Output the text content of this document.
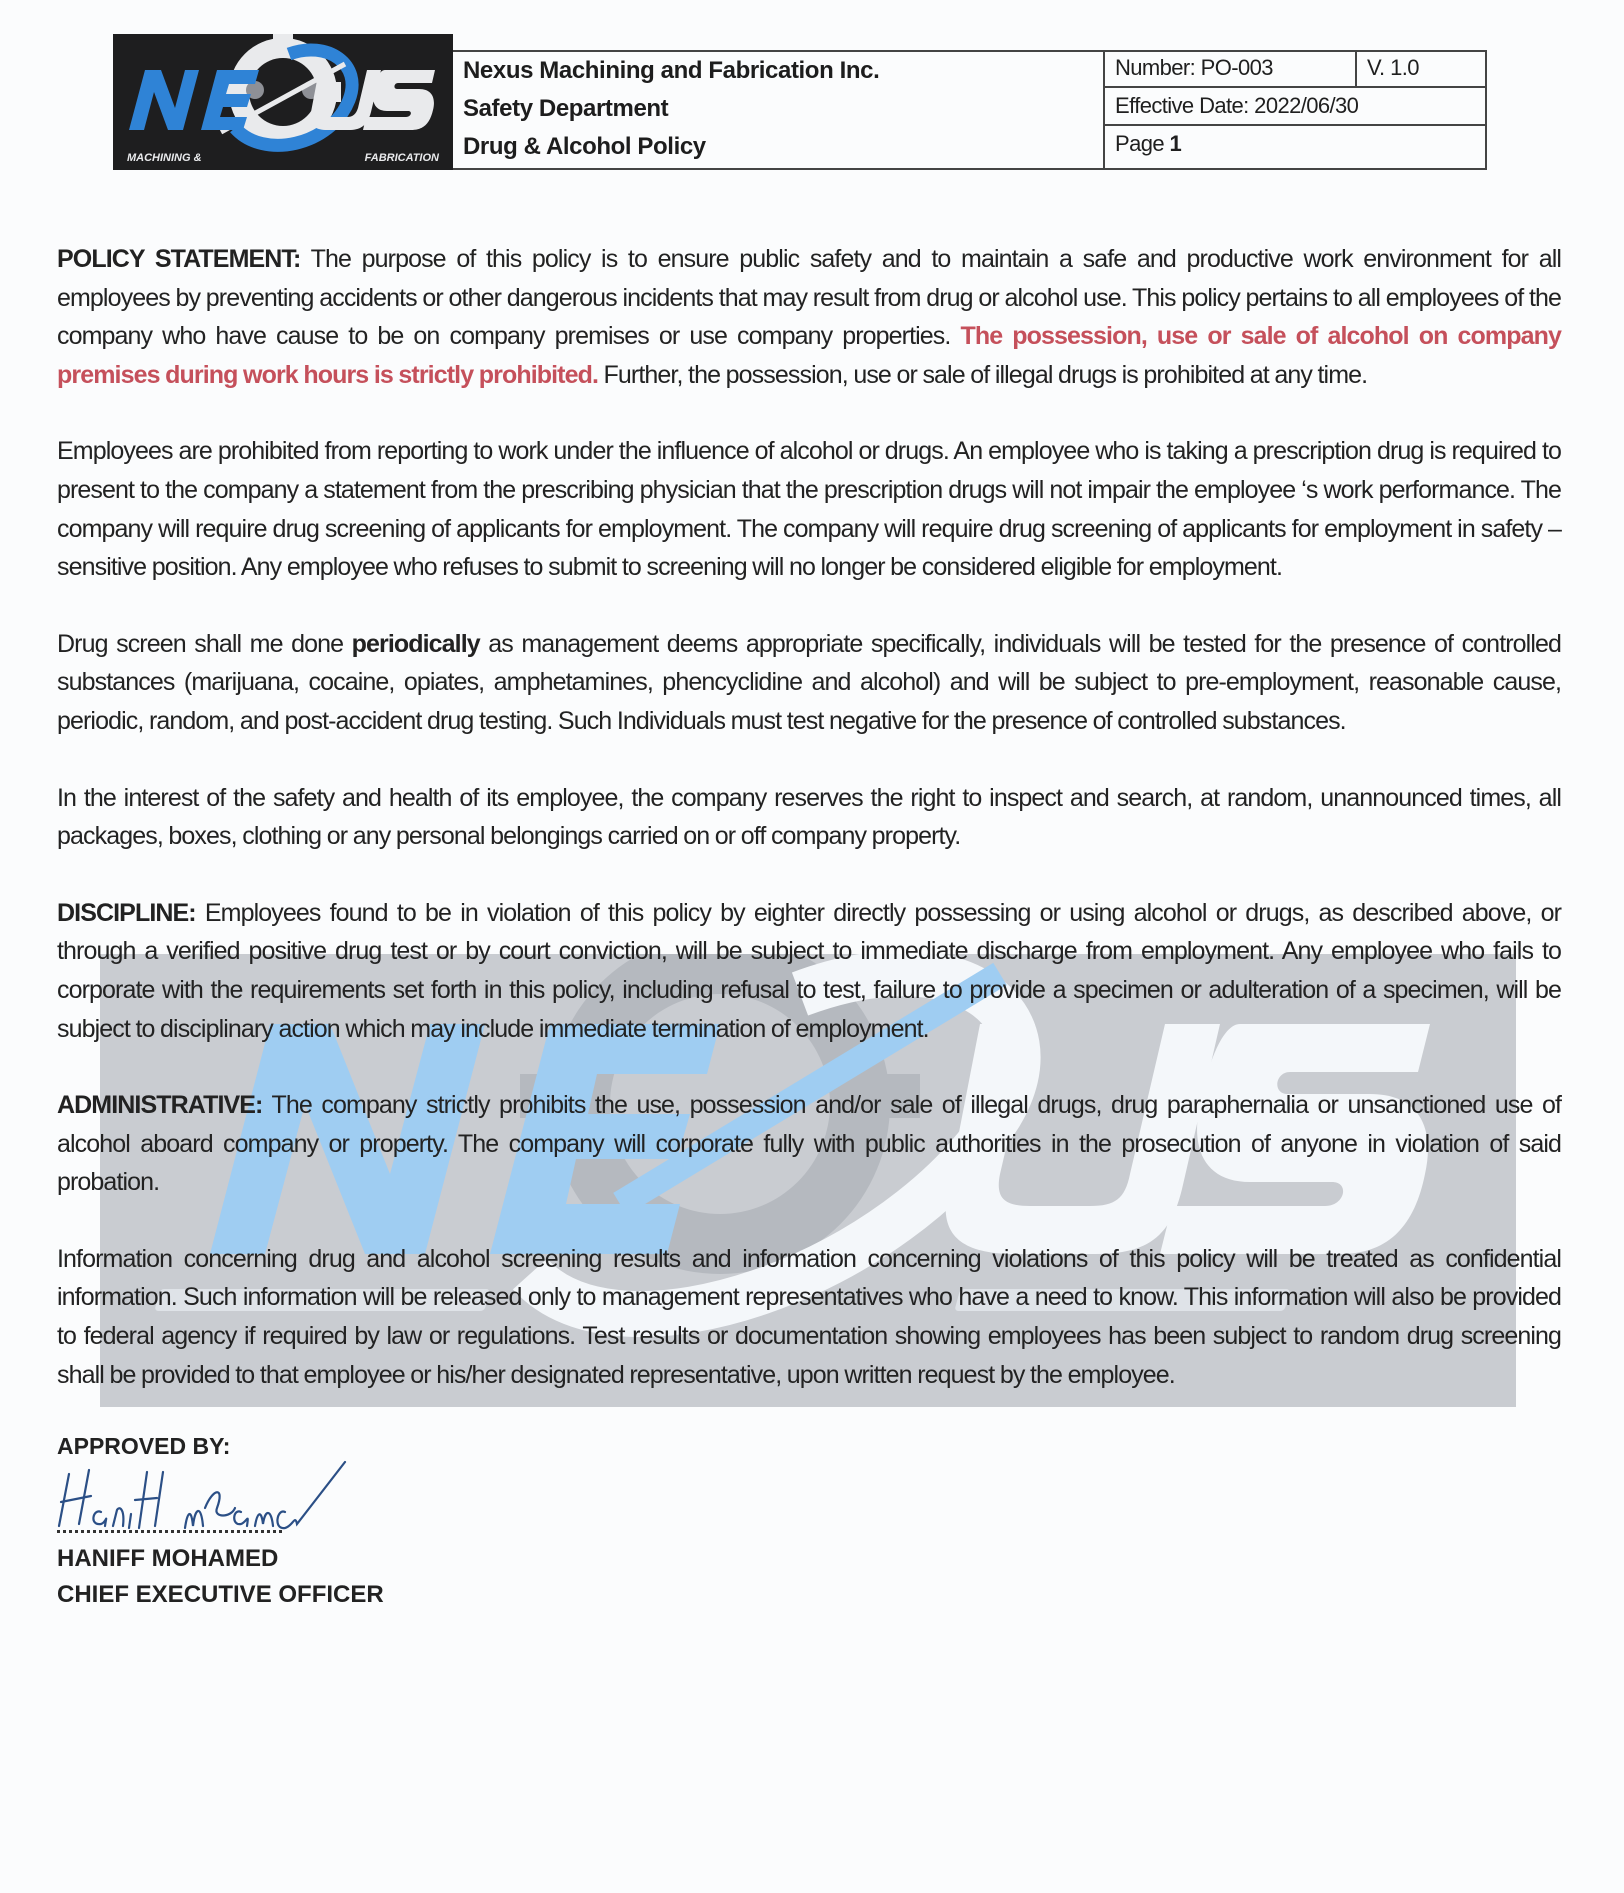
MACHINING &	FABRICATION
Nexus Machining and Fabrication Inc.
Safety Department
Drug & Alcohol Policy
Number: PO-003	V. 1.0
Effective Date: 2022/06/30
Page 1

POLICY STATEMENT: The purpose of this policy is to ensure public safety and to maintain a safe and productive work environment for all employees by preventing accidents or other dangerous incidents that may result from drug or alcohol use. This policy pertains to all employees of the company who have cause to be on company premises or use company properties. The possession, use or sale of alcohol on company premises during work hours is strictly prohibited. Further, the possession, use or sale of illegal drugs is prohibited at any time.

Employees are prohibited from reporting to work under the influence of alcohol or drugs. An employee who is taking a prescription drug is required to present to the company a statement from the prescribing physician that the prescription drugs will not impair the employee ‘s work performance. The company will require drug screening of applicants for employment. The company will require drug screening of applicants for employment in safety – sensitive position. Any employee who refuses to submit to screening will no longer be considered eligible for employment.

Drug screen shall me done periodically as management deems appropriate specifically, individuals will be tested for the presence of controlled substances (marijuana, cocaine, opiates, amphetamines, phencyclidine and alcohol) and will be subject to pre-employment, reasonable cause, periodic, random, and post-accident drug testing. Such Individuals must test negative for the presence of controlled substances.

In the interest of the safety and health of its employee, the company reserves the right to inspect and search, at random, unannounced times, all packages, boxes, clothing or any personal belongings carried on or off company property.

DISCIPLINE: Employees found to be in violation of this policy by eighter directly possessing or using alcohol or drugs, as described above, or through a verified positive drug test or by court conviction, will be subject to immediate discharge from employment. Any employee who fails to corporate with the requirements set forth in this policy, including refusal to test, failure to provide a specimen or adulteration of a specimen, will be subject to disciplinary action which may include immediate termination of employment.

ADMINISTRATIVE: The company strictly prohibits the use, possession and/or sale of illegal drugs, drug paraphernalia or unsanctioned use of alcohol aboard company or property. The company will corporate fully with public authorities in the prosecution of anyone in violation of said probation.

Information concerning drug and alcohol screening results and information concerning violations of this policy will be treated as confidential information. Such information will be released only to management representatives who have a need to know. This information will also be provided to federal agency if required by law or regulations. Test results or documentation showing employees has been subject to random drug screening shall be provided to that employee or his/her designated representative, upon written request by the employee.

APPROVED BY:
HANIFF MOHAMED
CHIEF EXECUTIVE OFFICER
